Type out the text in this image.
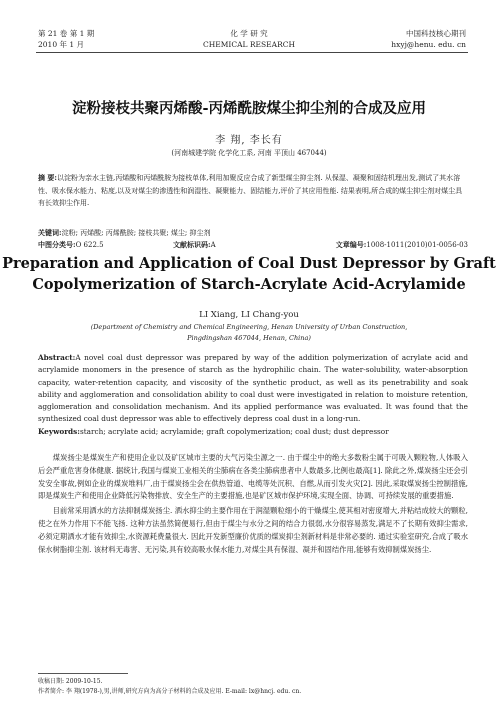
第 21 卷 第 1 期
2010 年 1 月
化 学 研 究
CHEMICAL RESEARCH
中国科技核心期刊
hxyj@henu. edu. cn
淀粉接枝共聚丙烯酸-丙烯酰胺煤尘抑尘剂的合成及应用
李 翔, 李长有
(河南城建学院 化学化工系, 河南 平顶山 467044)

摘 要:以淀粉为亲水主链,丙烯酸和丙烯酰胺为接枝单体,利用加聚反应合成了新型煤尘抑尘剂. 从保湿、凝聚和固结机理出发,测试了其水溶性、吸水保水能力、粘度,以及对煤尘的渗透性和润湿性、凝聚能力、固结能力,评价了其应用性能. 结果表明,所合成的煤尘抑尘剂对煤尘具有长效抑尘作用.

关键词:淀粉; 丙烯酸; 丙烯酰胺; 接枝共聚; 煤尘; 抑尘剂
中图分类号:O 622.5	文献标识码:A	文章编号:1008-1011(2010)01-0056-03
Preparation and Application of Coal Dust Depressor by Graft
Copolymerization of Starch-Acrylate Acid-Acrylamide
LI Xiang, LI Chang-you
(Department of Chemistry and Chemical Engineering, Henan University of Urban Construction,
Pingdingshan 467044, Henan, China)

Abstract:A novel coal dust depressor was prepared by way of the addition polymerization of acrylate acid and acrylamide monomers in the presence of starch as the hydrophilic chain. The water-solubility, water-absorption capacity, water-retention capacity, and viscosity of the synthetic product, as well as its penetrability and soak ability and agglomeration and consolidation ability to coal dust were investigated in relation to moisture retention, agglomeration and consolidation mechanism. And its applied performance was evaluated. It was found that the synthesized coal dust depressor was able to effectively depress coal dust in a long-run.

Keywords:starch; acrylate acid; acrylamide; graft copolymerization; coal dust; dust depressor

煤炭扬尘是煤炭生产和使用企业以及矿区城市主要的大气污染尘源之一. 由于煤尘中的绝大多数粉尘属于可吸入颗粒物,人体吸入后会严重危害身体健康. 据统计,我国与煤炭工业相关的尘肺病在各类尘肺病患者中人数最多,比例也最高[1]. 除此之外,煤炭扬尘还会引发安全事故,例如企业的煤炭堆料厂,由于煤炭扬尘会在供热管道、电缆等处沉积、自燃,从而引发火灾[2]. 因此,采取煤炭扬尘控制措施,即是煤炭生产和使用企业降低污染物排放、安全生产的主要措施,也是矿区城市保护环境,实现全面、协调、可持续发展的重要措施.

目前常采用洒水的方法抑制煤炭扬尘. 洒水抑尘的主要作用在于润湿颗粒细小的干燥煤尘,使其相对密度增大,并粘结成较大的颗粒,使之在外力作用下不能飞扬. 这种方法虽然简便易行,但由于煤尘与水分之间的结合力很弱,水分很容易蒸发,满足不了长期有效抑尘需求,必须定期洒水才能有效抑尘,水资源耗费量很大. 因此开发新型廉价优质的煤炭抑尘剂新材料是非常必要的. 通过实验室研究,合成了吸水保水树脂抑尘剂. 该材料无毒害、无污染,具有较高吸水保水能力,对煤尘具有保湿、凝并和固结作用,能够有效抑制煤炭扬尘.

收稿日期: 2009-10-15.
作者简介: 李 翔(1978-),男,讲师,研究方向为高分子材料的合成及应用. E-mail: lx@hncj. edu. cn.
